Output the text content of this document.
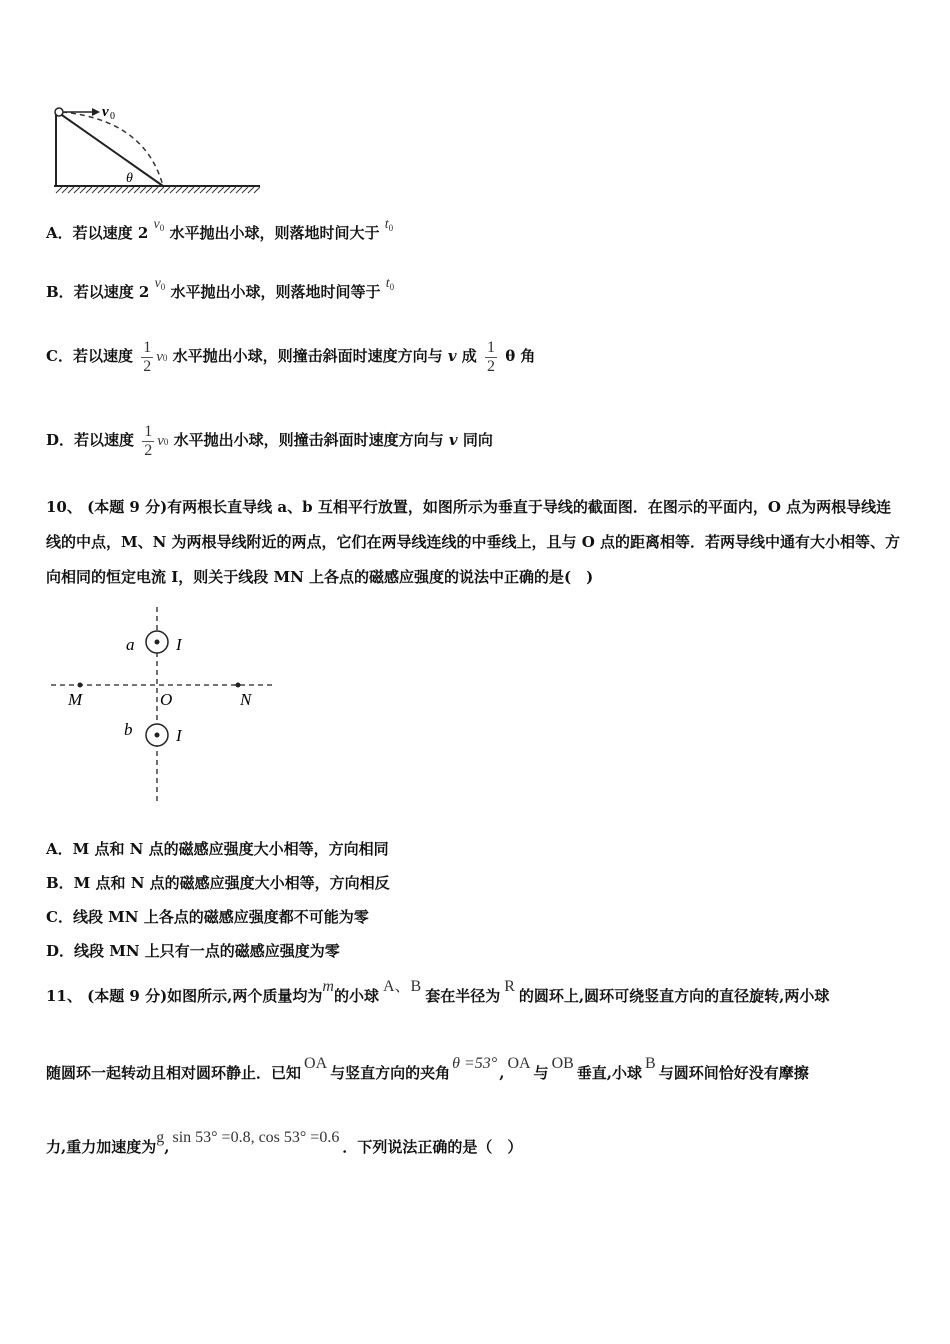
v 0
θ
A．若以速度 2 $v^0$ 水平抛出小球，则落地时间大于 $t^0$
B．若以速度 2 $v^0$ 水平抛出小球，则落地时间等于 $t^0$
C．若以速度 $\frac{1}{2} v0$ 水平抛出小球，则撞击斜面时速度方向与 v 成 $\frac{1}{2}$ θ 角
D．若以速度 $\frac{1}{2} v0$ 水平抛出小球，则撞击斜面时速度方向与 v 同向
10、 (本题 9 分)有两根长直导线 a、b 互相平行放置，如图所示为垂直于导线的截面图．在图示的平面内，O 点为两根导线连线的中点，M、N 为两根导线附近的两点，它们在两导线连线的中垂线上，且与 O 点的距离相等．若两导线中通有大小相等、方向相同的恒定电流 I，则关于线段 MN 上各点的磁感应强度的说法中正确的是(　)
a I
M	O	N
b	I
A．M 点和 N 点的磁感应强度大小相等，方向相同
B．M 点和 N 点的磁感应强度大小相等，方向相反
C．线段 MN 上各点的磁感应强度都不可能为零
D．线段 MN 上只有一点的磁感应强度为零
11、 (本题 9 分)如图所示,两个质量均为m的小球A、B套在半径为R的圆环上,圆环可绕竖直方向的直径旋转,两小球
随圆环一起转动且相对圆环静止．已知OA与竖直方向的夹角θ =53°,OA与OB垂直,小球B与圆环间恰好没有摩擦
力,重力加速度为g,sin 53° =0.8, cos 53° =0.6．下列说法正确的是（　）
